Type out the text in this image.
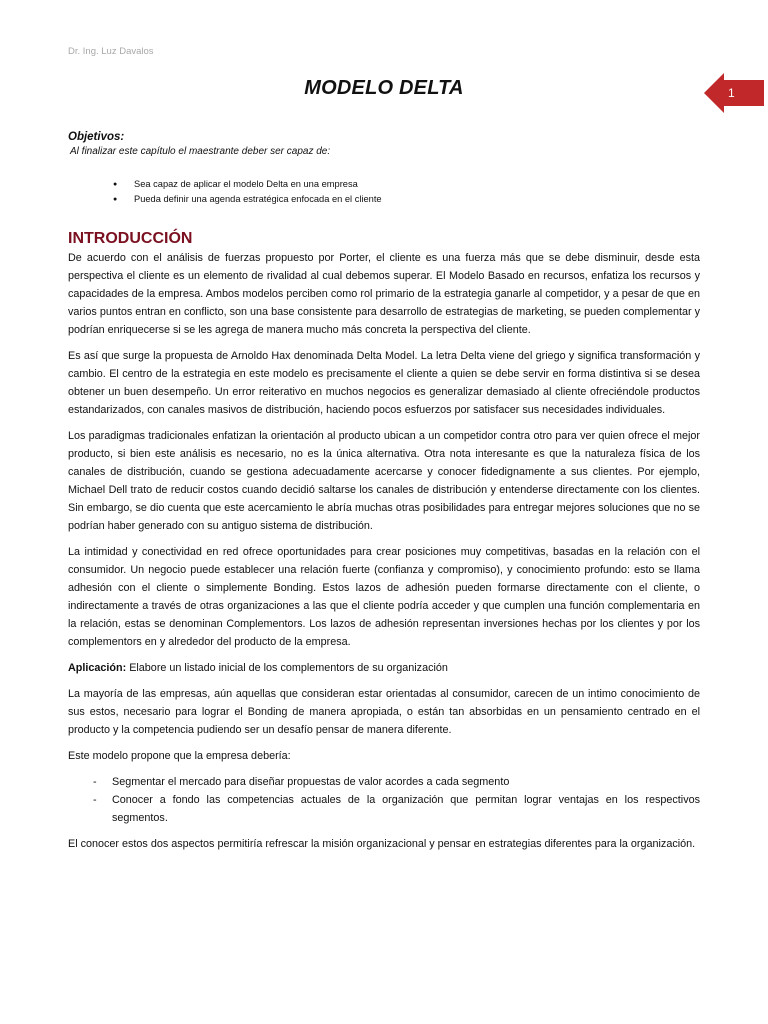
Dr. Ing. Luz Davalos
MODELO DELTA	1
Objetivos:
Al finalizar este capítulo el maestrante deber ser capaz de:
● Sea capaz de aplicar el modelo Delta en una empresa
● Pueda definir una agenda estratégica enfocada en el cliente
INTRODUCCIÓN

De acuerdo con el análisis de fuerzas propuesto por Porter, el cliente es una fuerza más que se debe disminuir, desde esta perspectiva el cliente es un elemento de rivalidad al cual debemos superar. El Modelo Basado en recursos, enfatiza los recursos y capacidades de la empresa. Ambos modelos perciben como rol primario de la estrategia ganarle al competidor, y a pesar de que en varios puntos entran en conflicto, son una base consistente para desarrollo de estrategias de marketing, se pueden complementar y podrían enriquecerse si se les agrega de manera mucho más concreta la perspectiva del cliente.

Es así que surge la propuesta de Arnoldo Hax denominada Delta Model. La letra Delta viene del griego y significa transformación y cambio. El centro de la estrategia en este modelo es precisamente el cliente a quien se debe servir en forma distintiva si se desea obtener un buen desempeño. Un error reiterativo en muchos negocios es generalizar demasiado al cliente ofreciéndole productos estandarizados, con canales masivos de distribución, haciendo pocos esfuerzos por satisfacer sus necesidades individuales.

Los paradigmas tradicionales enfatizan la orientación al producto ubican a un competidor contra otro para ver quien ofrece el mejor producto, si bien este análisis es necesario, no es la única alternativa. Otra nota interesante es que la naturaleza física de los canales de distribución, cuando se gestiona adecuadamente acercarse y conocer fidedignamente a sus clientes. Por ejemplo, Michael Dell trato de reducir costos cuando decidió saltarse los canales de distribución y entenderse directamente con los clientes. Sin embargo, se dio cuenta que este acercamiento le abría muchas otras posibilidades para entregar mejores soluciones que no se podrían haber generado con su antiguo sistema de distribución.

La intimidad y conectividad en red ofrece oportunidades para crear posiciones muy competitivas, basadas en la relación con el consumidor. Un negocio puede establecer una relación fuerte (confianza y compromiso), y conocimiento profundo: esto se llama adhesión con el cliente o simplemente Bonding. Estos lazos de adhesión pueden formarse directamente con el cliente, o indirectamente a través de otras organizaciones a las que el cliente podría acceder y que cumplen una función complementaria en la relación, estas se denominan Complementors. Los lazos de adhesión representan inversiones hechas por los clientes y por los complementors en y alrededor del producto de la empresa.

Aplicación: Elabore un listado inicial de los complementors de su organización

La mayoría de las empresas, aún aquellas que consideran estar orientadas al consumidor, carecen de un intimo conocimiento de sus estos, necesario para lograr el Bonding de manera apropiada, o están tan absorbidas en un pensamiento centrado en el producto y la competencia pudiendo ser un desafío pensar de manera diferente.

Este modelo propone que la empresa debería:

- Segmentar el mercado para diseñar propuestas de valor acordes a cada segmento
- Conocer a fondo las competencias actuales de la organización que permitan lograr ventajas en los respectivos segmentos.

El conocer estos dos aspectos permitiría refrescar la misión organizacional y pensar en estrategias diferentes para la organización.
